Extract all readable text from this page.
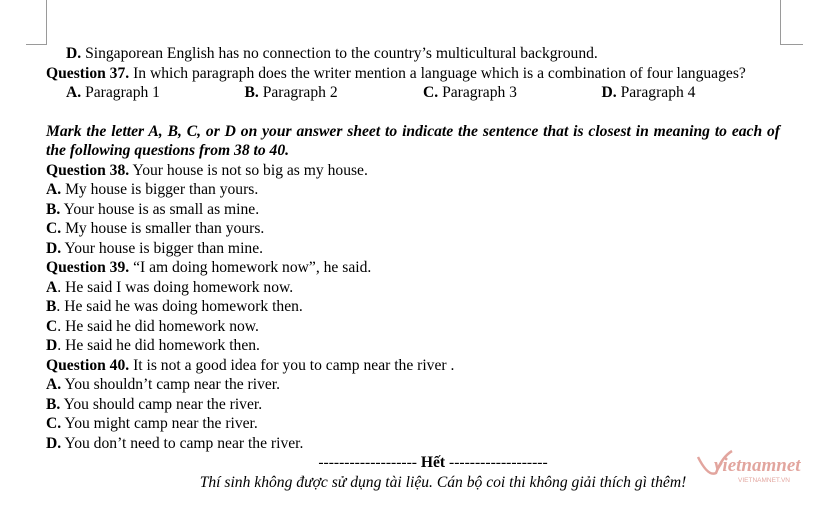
D. Singaporean English has no connection to the country’s multicultural background.
Question 37. In which paragraph does the writer mention a language which is a combination of four languages?
A. Paragraph 1	B. Paragraph 2	C. Paragraph 3	D. Paragraph 4
Mark the letter A, B, C, or D on your answer sheet to indicate the sentence that is closest in meaning to each of the following questions from 38 to 40.
Question 38. Your house is not so big as my house.
A. My house is bigger than yours.
B. Your house is as small as mine.
C. My house is smaller than yours.
D. Your house is bigger than mine.
Question 39. “I am doing homework now”, he said.
A. He said I was doing homework now.
B. He said he was doing homework then.
C. He said he did homework now.
D. He said he did homework then.
Question 40. It is not a good idea for you to camp near the river .
A. You shouldn’t camp near the river.
B. You should camp near the river.
C. You might camp near the river.
D. You don’t need to camp near the river.
------------------- Hết -------------------
Thí sinh không được sử dụng tài liệu. Cán bộ coi thi không giải thích gì thêm!
vietnamnet
VIETNAMNET.VN
